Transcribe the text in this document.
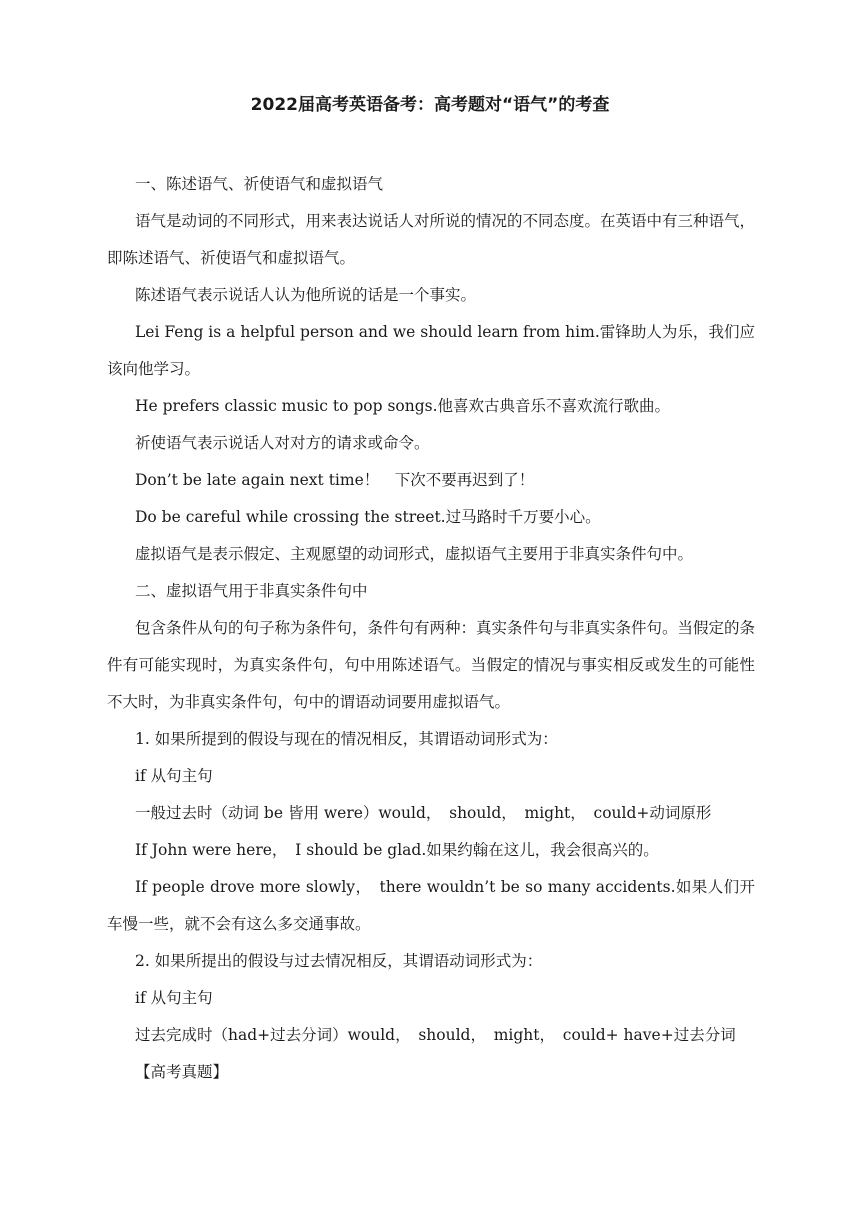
2022届高考英语备考：高考题对“语气”的考查

一、陈述语气、祈使语气和虚拟语气

语气是动词的不同形式，用来表达说话人对所说的情况的不同态度。在英语中有三种语气，即陈述语气、祈使语气和虚拟语气。

陈述语气表示说话人认为他所说的话是一个事实。

Lei Feng is a helpful person and we should learn from him.雷锋助人为乐，我们应该向他学习。

He prefers classic music to pop songs.他喜欢古典音乐不喜欢流行歌曲。

祈使语气表示说话人对对方的请求或命令。

Don’t be late again next time！　下次不要再迟到了！

Do be careful while crossing the street.过马路时千万要小心。

虚拟语气是表示假定、主观愿望的动词形式，虚拟语气主要用于非真实条件句中。

二、虚拟语气用于非真实条件句中

包含条件从句的句子称为条件句，条件句有两种：真实条件句与非真实条件句。当假定的条件有可能实现时，为真实条件句，句中用陈述语气。当假定的情况与事实相反或发生的可能性不大时，为非真实条件句，句中的谓语动词要用虚拟语气。

1. 如果所提到的假设与现在的情况相反，其谓语动词形式为：

if 从句主句

一般过去时（动词 be 皆用 were）would，　should，　might，　could+动词原形

If John were here，　I should be glad.如果约翰在这儿，我会很高兴的。

If people drove more slowly，　there wouldn’t be so many accidents.如果人们开车慢一些，就不会有这么多交通事故。

2. 如果所提出的假设与过去情况相反，其谓语动词形式为：

if 从句主句

过去完成时（had+过去分词）would，　should，　might，　could+ have+过去分词

【高考真题】
